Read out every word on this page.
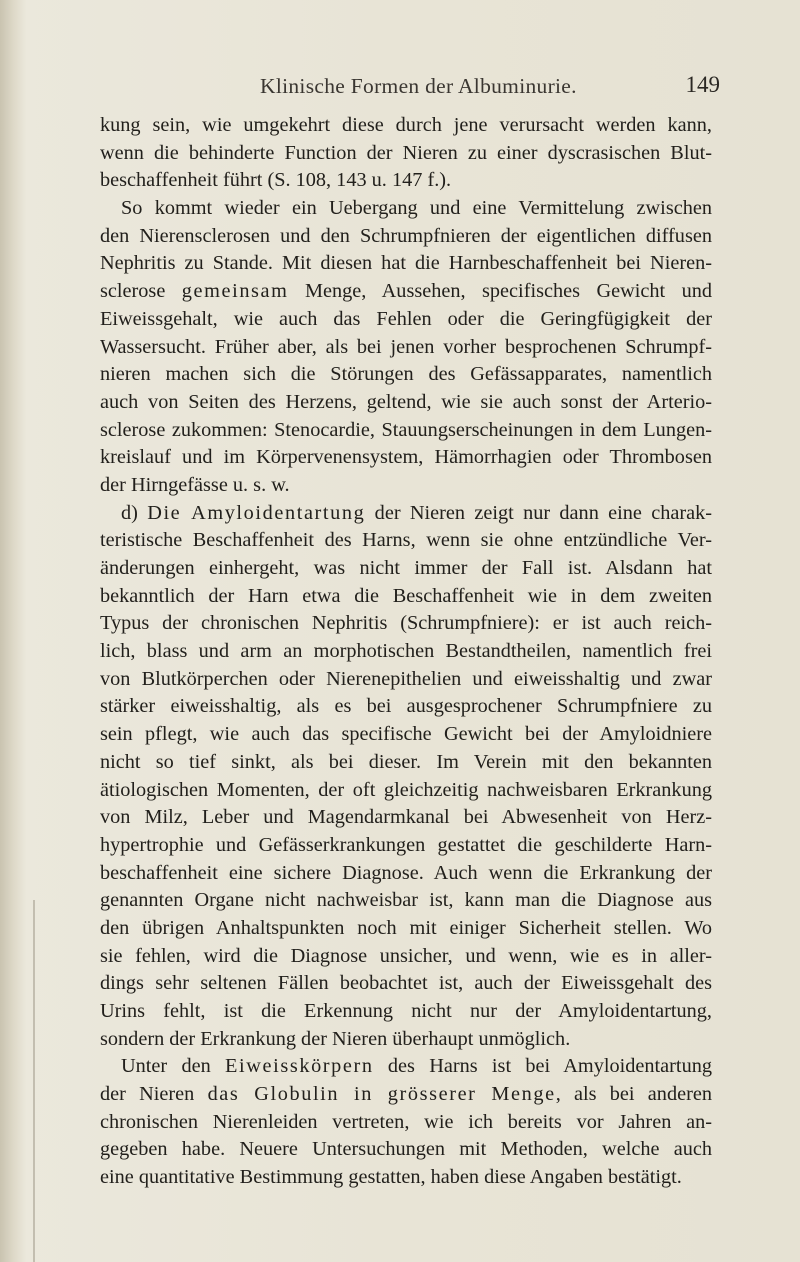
Klinische Formen der Albuminurie.	149
kung sein, wie umgekehrt diese durch jene verursacht werden kann,
wenn die behinderte Function der Nieren zu einer dyscrasischen Blut-
beschaffenheit führt (S. 108, 143 u. 147 f.).
So kommt wieder ein Uebergang und eine Vermittelung zwischen
den Nierensclerosen und den Schrumpfnieren der eigentlichen diffusen
Nephritis zu Stande. Mit diesen hat die Harnbeschaffenheit bei Nieren-
sclerose gemeinsam Menge, Aussehen, specifisches Gewicht und
Eiweissgehalt, wie auch das Fehlen oder die Geringfügigkeit der
Wassersucht. Früher aber, als bei jenen vorher besprochenen Schrumpf-
nieren machen sich die Störungen des Gefässapparates, namentlich
auch von Seiten des Herzens, geltend, wie sie auch sonst der Arterio-
sclerose zukommen: Stenocardie, Stauungserscheinungen in dem Lungen-
kreislauf und im Körpervenensystem, Hämorrhagien oder Thrombosen
der Hirngefässe u. s. w.
d) Die Amyloidentartung der Nieren zeigt nur dann eine charak-
teristische Beschaffenheit des Harns, wenn sie ohne entzündliche Ver-
änderungen einhergeht, was nicht immer der Fall ist. Alsdann hat
bekanntlich der Harn etwa die Beschaffenheit wie in dem zweiten
Typus der chronischen Nephritis (Schrumpfniere): er ist auch reich-
lich, blass und arm an morphotischen Bestandtheilen, namentlich frei
von Blutkörperchen oder Nierenepithelien und eiweisshaltig und zwar
stärker eiweisshaltig, als es bei ausgesprochener Schrumpfniere zu
sein pflegt, wie auch das specifische Gewicht bei der Amyloidniere
nicht so tief sinkt, als bei dieser. Im Verein mit den bekannten
ätiologischen Momenten, der oft gleichzeitig nachweisbaren Erkrankung
von Milz, Leber und Magendarmkanal bei Abwesenheit von Herz-
hypertrophie und Gefässerkrankungen gestattet die geschilderte Harn-
beschaffenheit eine sichere Diagnose. Auch wenn die Erkrankung der
genannten Organe nicht nachweisbar ist, kann man die Diagnose aus
den übrigen Anhaltspunkten noch mit einiger Sicherheit stellen. Wo
sie fehlen, wird die Diagnose unsicher, und wenn, wie es in aller-
dings sehr seltenen Fällen beobachtet ist, auch der Eiweissgehalt des
Urins fehlt, ist die Erkennung nicht nur der Amyloidentartung,
sondern der Erkrankung der Nieren überhaupt unmöglich.
Unter den Eiweisskörpern des Harns ist bei Amyloidentartung
der Nieren das Globulin in grösserer Menge, als bei anderen
chronischen Nierenleiden vertreten, wie ich bereits vor Jahren an-
gegeben habe. Neuere Untersuchungen mit Methoden, welche auch
eine quantitative Bestimmung gestatten, haben diese Angaben bestätigt.
